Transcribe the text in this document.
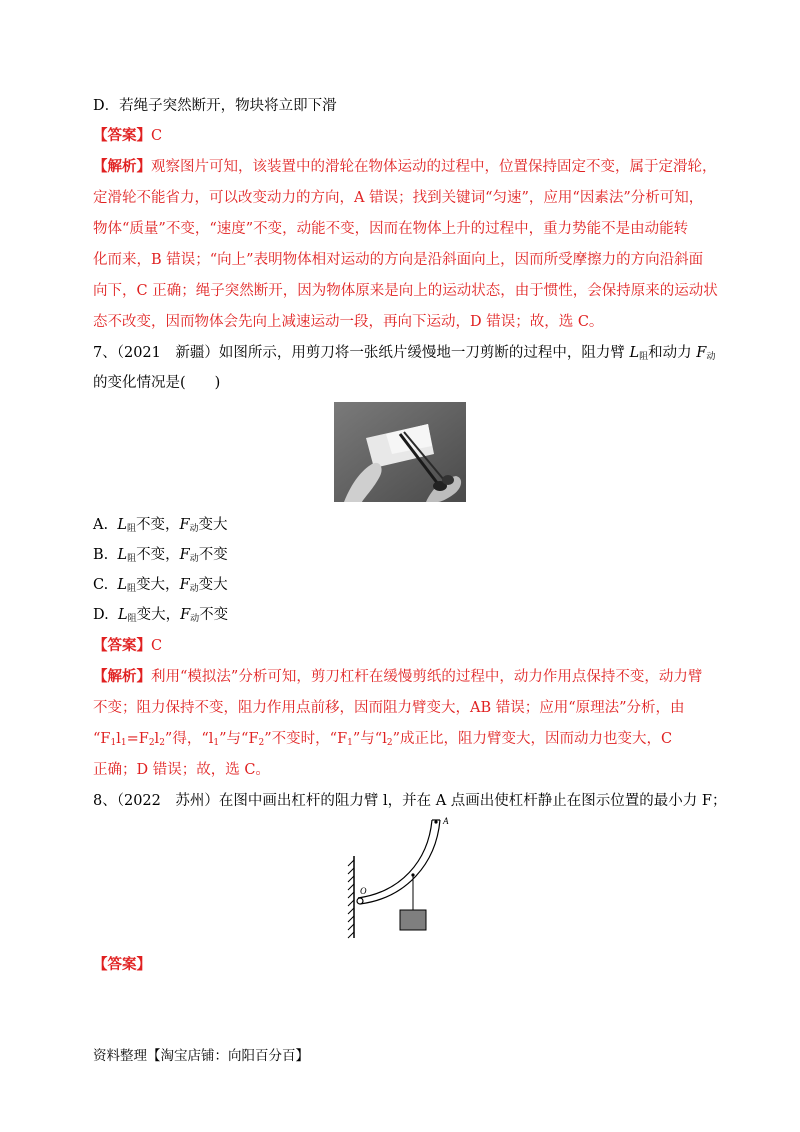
D．若绳子突然断开，物块将立即下滑
【答案】C
【解析】观察图片可知，该装置中的滑轮在物体运动的过程中，位置保持固定不变，属于定滑轮，
定滑轮不能省力，可以改变动力的方向，A 错误；找到关键词“匀速”，应用“因素法”分析可知，
物体“质量”不变，“速度”不变，动能不变，因而在物体上升的过程中，重力势能不是由动能转
化而来，B 错误；“向上”表明物体相对运动的方向是沿斜面向上，因而所受摩擦力的方向沿斜面
向下，C 正确；绳子突然断开，因为物体原来是向上的运动状态，由于惯性，会保持原来的运动状
态不改变，因而物体会先向上减速运动一段，再向下运动，D 错误；故，选 C。
7、（2021　新疆）如图所示，用剪刀将一张纸片缓慢地一刀剪断的过程中，阻力臂 $L_阻$和动力 $F_动$
的变化情况是(　　)
A. $L_阻$不变，$F_动$变大
B. $L_阻$不变，$F_动$不变
C. $L_阻$变大，$F_动$变大
D. $L_阻$变大，$F_动$不变
【答案】C
【解析】利用“模拟法”分析可知，剪刀杠杆在缓慢剪纸的过程中，动力作用点保持不变，动力臂
不变；阻力保持不变，阻力作用点前移，因而阻力臂变大，AB 错误；应用“原理法”分析，由
“$F_1l_1=F_2l_2$”得，“$l_1$”与“$F_2$”不变时，“$F_1$”与“$l_2$”成正比，阻力臂变大，因而动力也变大，C
正确；D 错误；故，选 C。
8、（2022　苏州）在图中画出杠杆的阻力臂 l，并在 A 点画出使杠杆静止在图示位置的最小力 F；
A
O
【答案】
资料整理【淘宝店铺：向阳百分百】
